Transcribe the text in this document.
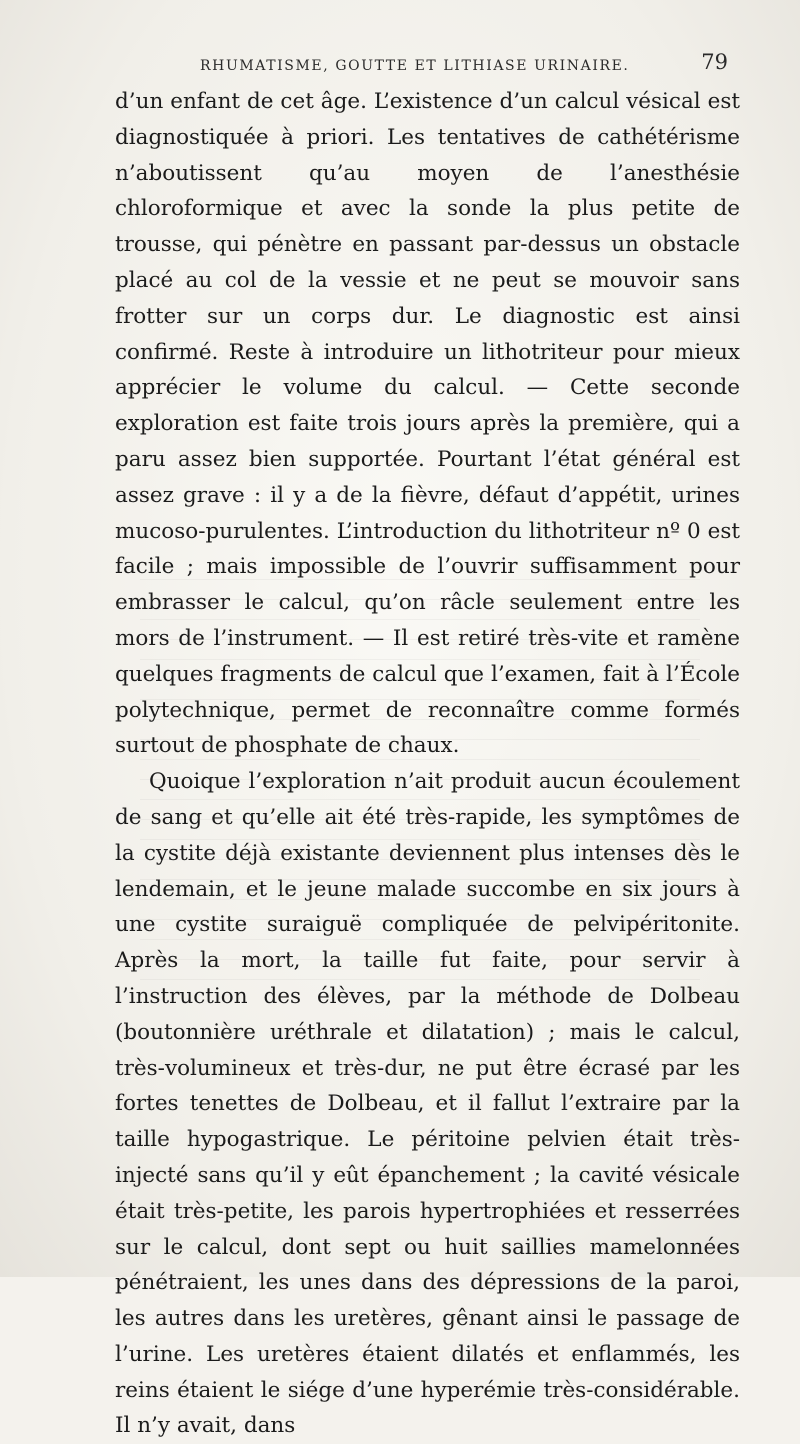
RHUMATISME, GOUTTE ET LITHIASE URINAIRE.	79

d’un enfant de cet âge. L’existence d’un calcul vésical est diagnostiquée à priori. Les tentatives de cathétérisme n’aboutissent qu’au moyen de l’anesthésie chloroformique et avec la sonde la plus petite de trousse, qui pénètre en passant par-dessus un obstacle placé au col de la vessie et ne peut se mouvoir sans frotter sur un corps dur. Le diagnostic est ainsi confirmé. Reste à introduire un lithotriteur pour mieux apprécier le volume du calcul. — Cette seconde exploration est faite trois jours après la première, qui a paru assez bien supportée. Pourtant l’état général est assez grave : il y a de la fièvre, défaut d’appétit, urines mucoso-purulentes. L’introduction du lithotriteur nº 0 est facile ; mais impossible de l’ouvrir suffisamment pour embrasser le calcul, qu’on râcle seulement entre les mors de l’instrument. — Il est retiré très-vite et ramène quelques fragments de calcul que l’examen, fait à l’École polytechnique, permet de reconnaître comme formés surtout de phosphate de chaux.

Quoique l’exploration n’ait produit aucun écoulement de sang et qu’elle ait été très-rapide, les symptômes de la cystite déjà existante deviennent plus intenses dès le lendemain, et le jeune malade succombe en six jours à une cystite suraiguë compliquée de pelvipéritonite. Après la mort, la taille fut faite, pour servir à l’instruction des élèves, par la méthode de Dolbeau (boutonnière uréthrale et dilatation) ; mais le calcul, très-volumineux et très-dur, ne put être écrasé par les fortes tenettes de Dolbeau, et il fallut l’extraire par la taille hypogastrique. Le péritoine pelvien était très-injecté sans qu’il y eût épanchement ; la cavité vésicale était très-petite, les parois hypertrophiées et resserrées sur le calcul, dont sept ou huit saillies mamelonnées pénétraient, les unes dans des dépressions de la paroi, les autres dans les uretères, gênant ainsi le passage de l’urine. Les uretères étaient dilatés et enflammés, les reins étaient le siége d’une hyperémie très-considérable. Il n’y avait, dans
